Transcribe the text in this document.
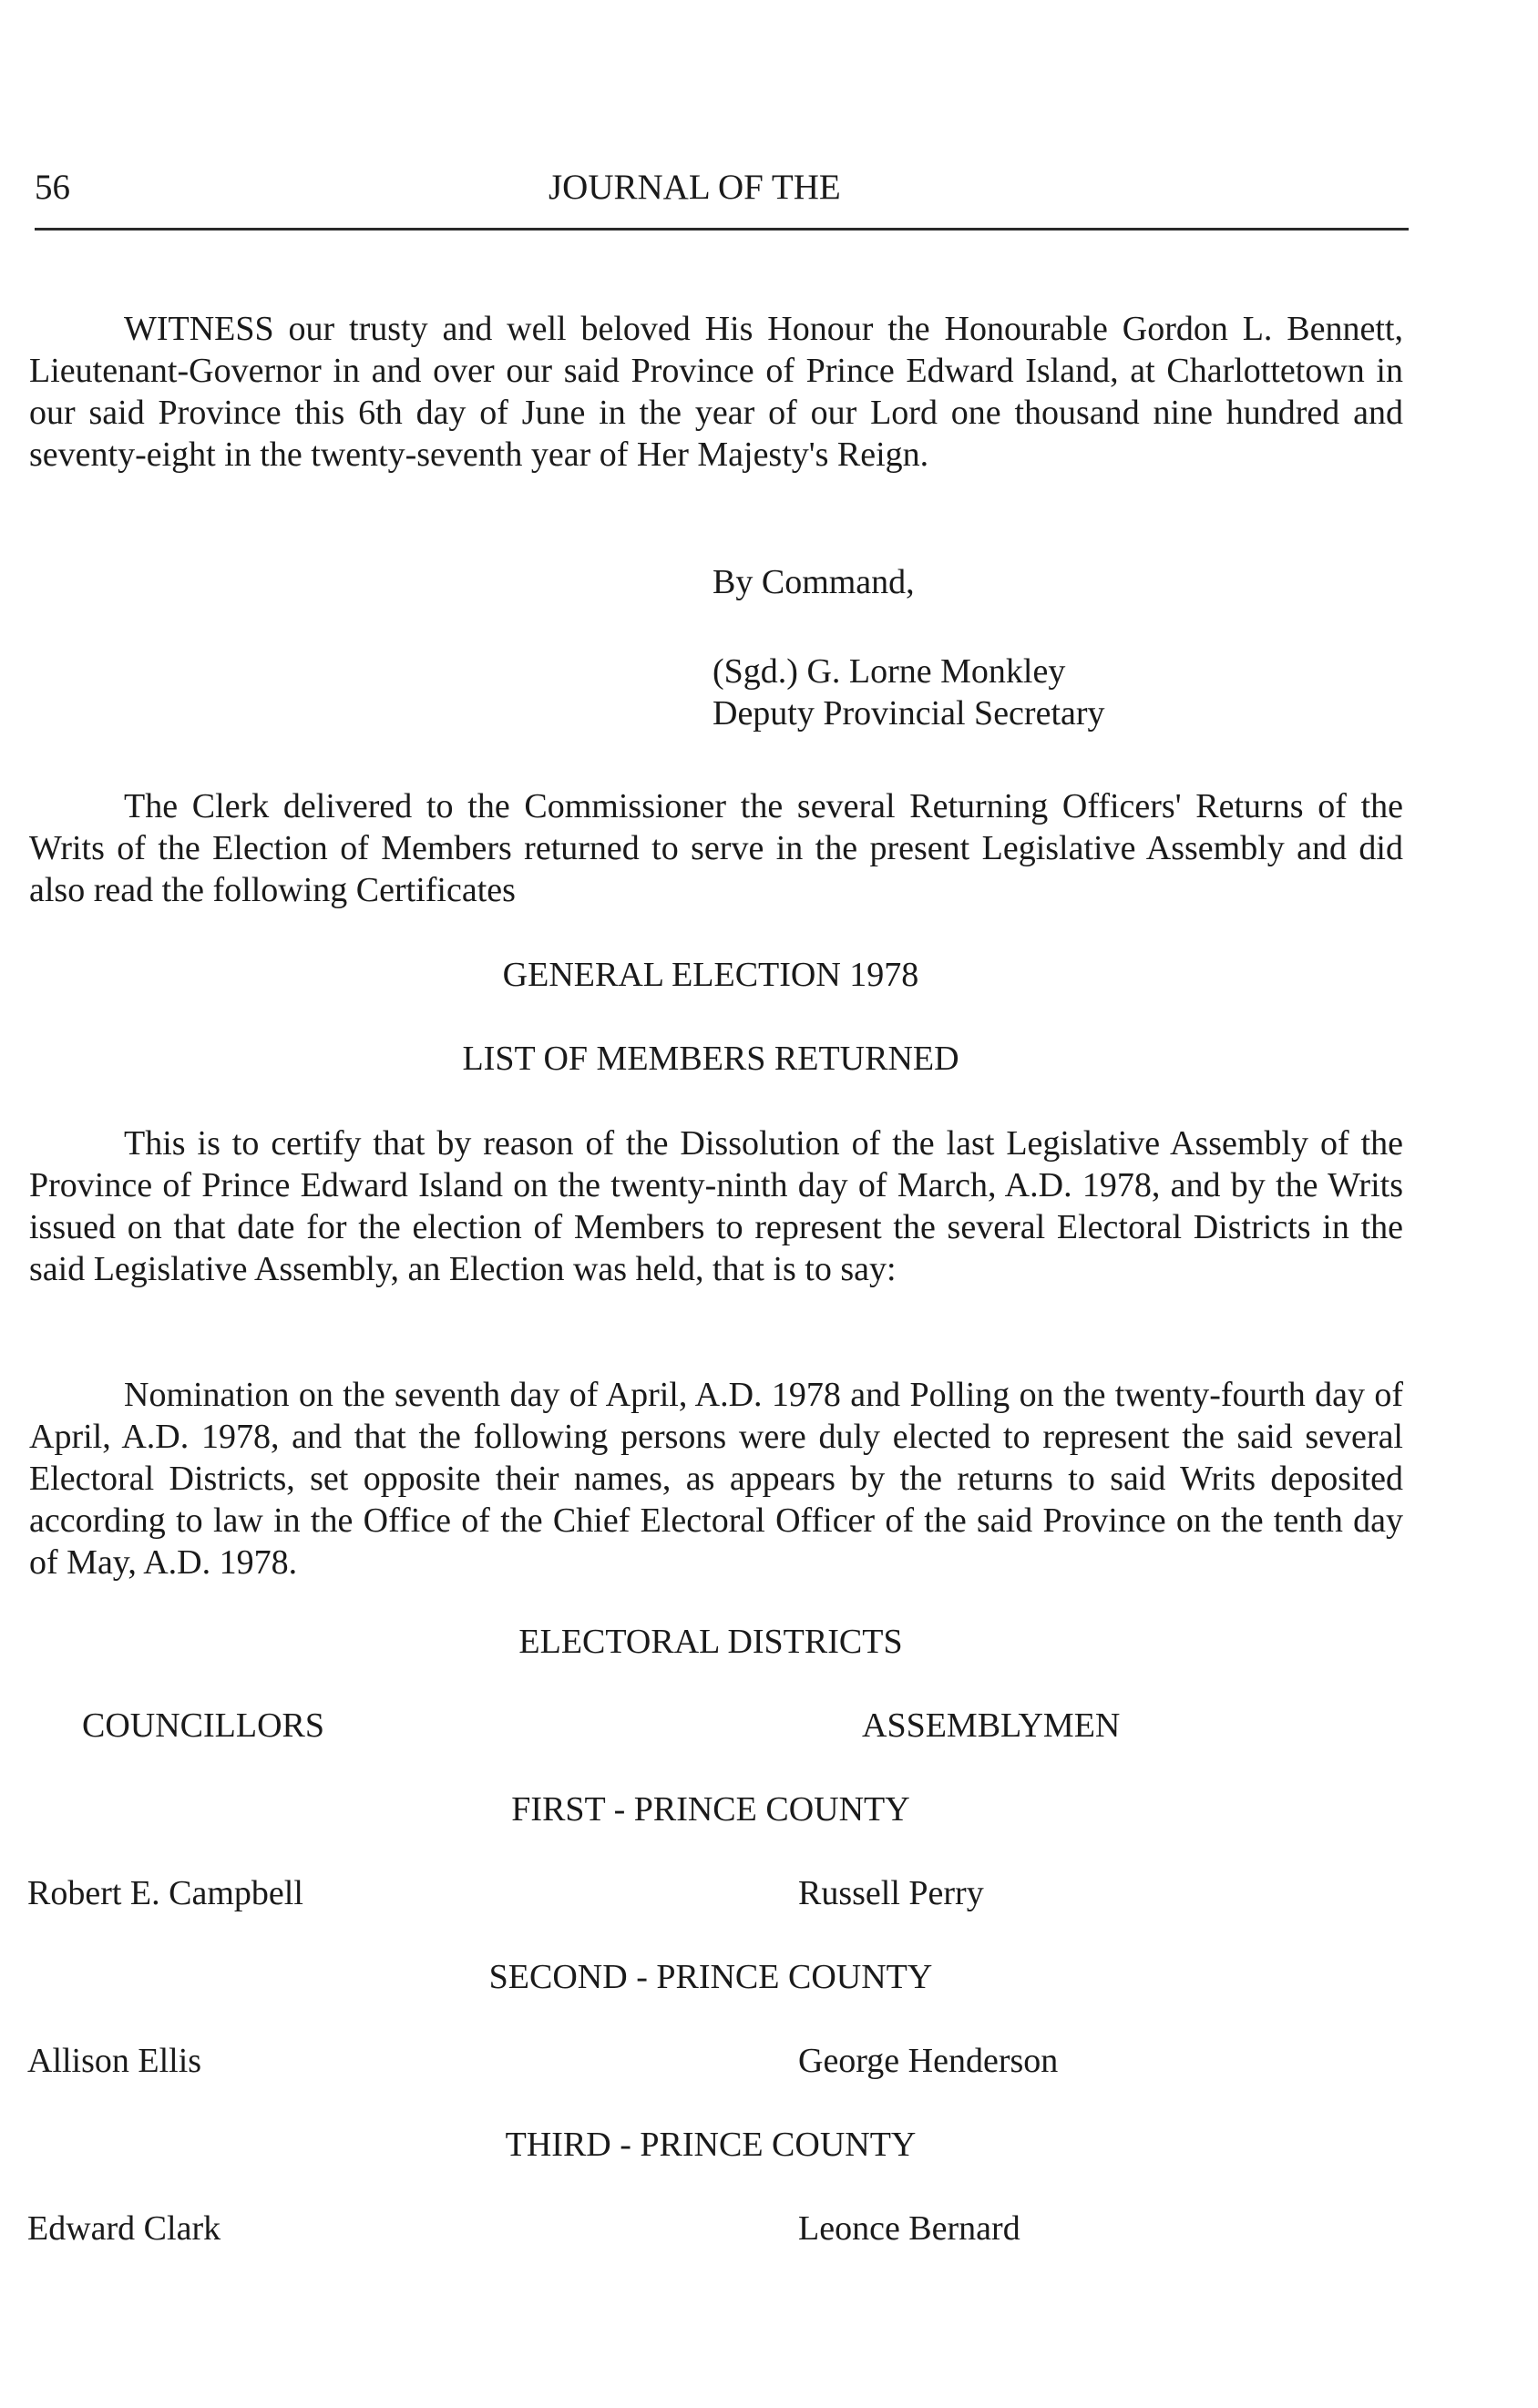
56	JOURNAL OF THE

WITNESS our trusty and well beloved His Honour the Honourable Gordon L. Bennett, Lieutenant-Governor in and over our said Province of Prince Edward Island, at Charlottetown in our said Province this 6th day of June in the year of our Lord one thousand nine hundred and seventy-eight in the twenty-seventh year of Her Majesty's Reign.

By Command,
(Sgd.) G. Lorne Monkley
Deputy Provincial Secretary

The Clerk delivered to the Commissioner the several Returning Officers' Returns of the Writs of the Election of Members returned to serve in the present Legislative Assembly and did also read the following Certificates

GENERAL ELECTION 1978
LIST OF MEMBERS RETURNED

This is to certify that by reason of the Dissolution of the last Legislative Assembly of the Province of Prince Edward Island on the twenty-ninth day of March, A.D. 1978, and by the Writs issued on that date for the election of Members to represent the several Electoral Districts in the said Legislative Assembly, an Election was held, that is to say:

Nomination on the seventh day of April, A.D. 1978 and Polling on the twenty-fourth day of April, A.D. 1978, and that the following persons were duly elected to represent the said several Electoral Districts, set opposite their names, as appears by the returns to said Writs deposited according to law in the Office of the Chief Electoral Officer of the said Province on the tenth day of May, A.D. 1978.

ELECTORAL DISTRICTS
COUNCILLORS	ASSEMBLYMEN
FIRST - PRINCE COUNTY
Robert E. Campbell	Russell Perry
SECOND - PRINCE COUNTY
Allison Ellis	George Henderson
THIRD - PRINCE COUNTY
Edward Clark	Leonce Bernard
